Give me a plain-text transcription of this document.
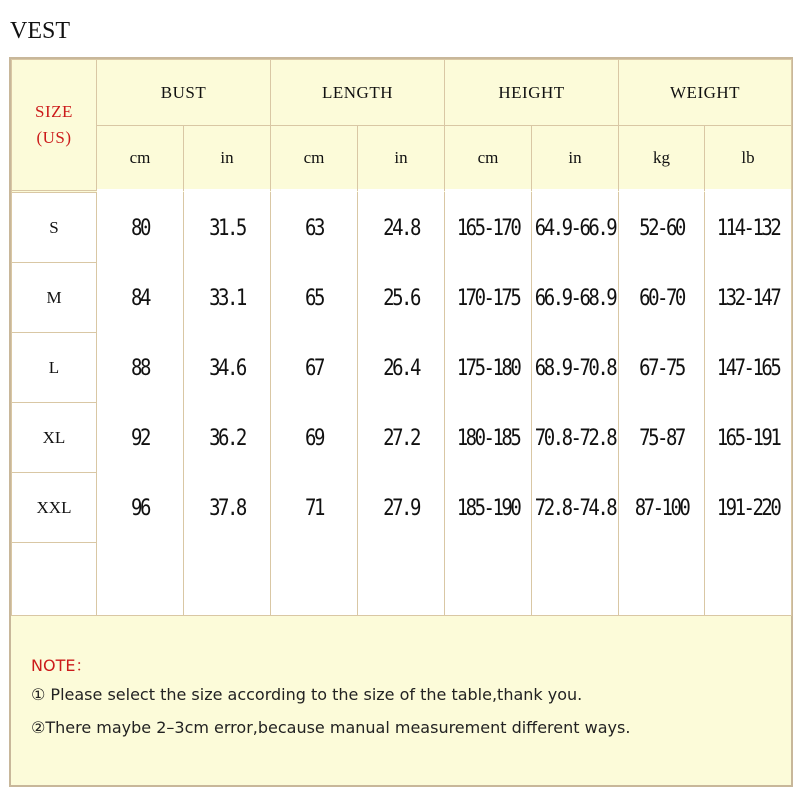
VEST
SIZE
(US)	BUST		LENGTH		HEIGHT		WEIGHT	
	cm	in	cm	in	cm	in	kg	lb

S	80	31.5	63	24.8	165-170	64.9-66.9	52-60	114-132
M	84	33.1	65	25.6	170-175	66.9-68.9	60-70	132-147
L	88	34.6	67	26.4	175-180	68.9-70.8	67-75	147-165
XL	92	36.2	69	27.2	180-185	70.8-72.8	75-87	165-191
XXL	96	37.8	71	27.9	185-190	72.8-74.8	87-100	191-220

NOTE：
① Please select the size according to the size of the table,thank you.
②There maybe 2–3cm error,because manual measurement different ways.
